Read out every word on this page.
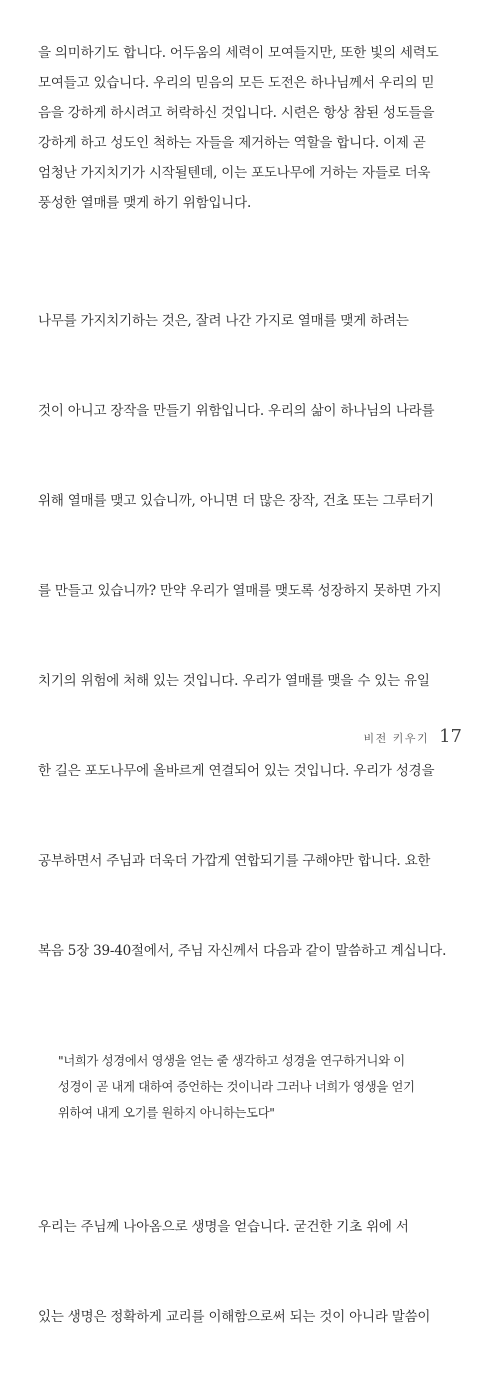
을 의미하기도 합니다. 어두움의 세력이 모여들지만, 또한 빛의 세력도
모여들고 있습니다. 우리의 믿음의 모든 도전은 하나님께서 우리의 믿
음을 강하게 하시려고 허락하신 것입니다. 시련은 항상 참된 성도들을
강하게 하고 성도인 척하는 자들을 제거하는 역할을 합니다. 이제 곧
엄청난 가지치기가 시작될텐데, 이는 포도나무에 거하는 자들로 더욱
풍성한 열매를 맺게 하기 위함입니다.

나무를 가지치기하는 것은, 잘려 나간 가지로 열매를 맺게 하려는

것이 아니고 장작을 만들기 위함입니다. 우리의 삶이 하나님의 나라를

위해 열매를 맺고 있습니까, 아니면 더 많은 장작, 건초 또는 그루터기

를 만들고 있습니까? 만약 우리가 열매를 맺도록 성장하지 못하면 가지

치기의 위험에 처해 있는 것입니다. 우리가 열매를 맺을 수 있는 유일

한 길은 포도나무에 올바르게 연결되어 있는 것입니다. 우리가 성경을

공부하면서 주님과 더욱더 가깝게 연합되기를 구해야만 합니다. 요한

복음 5장 39-40절에서, 주님 자신께서 다음과 같이 말씀하고 계십니다.

"너희가 성경에서 영생을 얻는 줄 생각하고 성경을 연구하거니와 이
성경이 곧 내게 대하여 증언하는 것이니라 그러나 너희가 영생을 얻기
위하여 내게 오기를 원하지 아니하는도다"

우리는 주님께 나아옴으로 생명을 얻습니다. 굳건한 기초 위에 서

있는 생명은 정확하게 교리를 이해함으로써 되는 것이 아니라 말씀이

비전 키우기 17
